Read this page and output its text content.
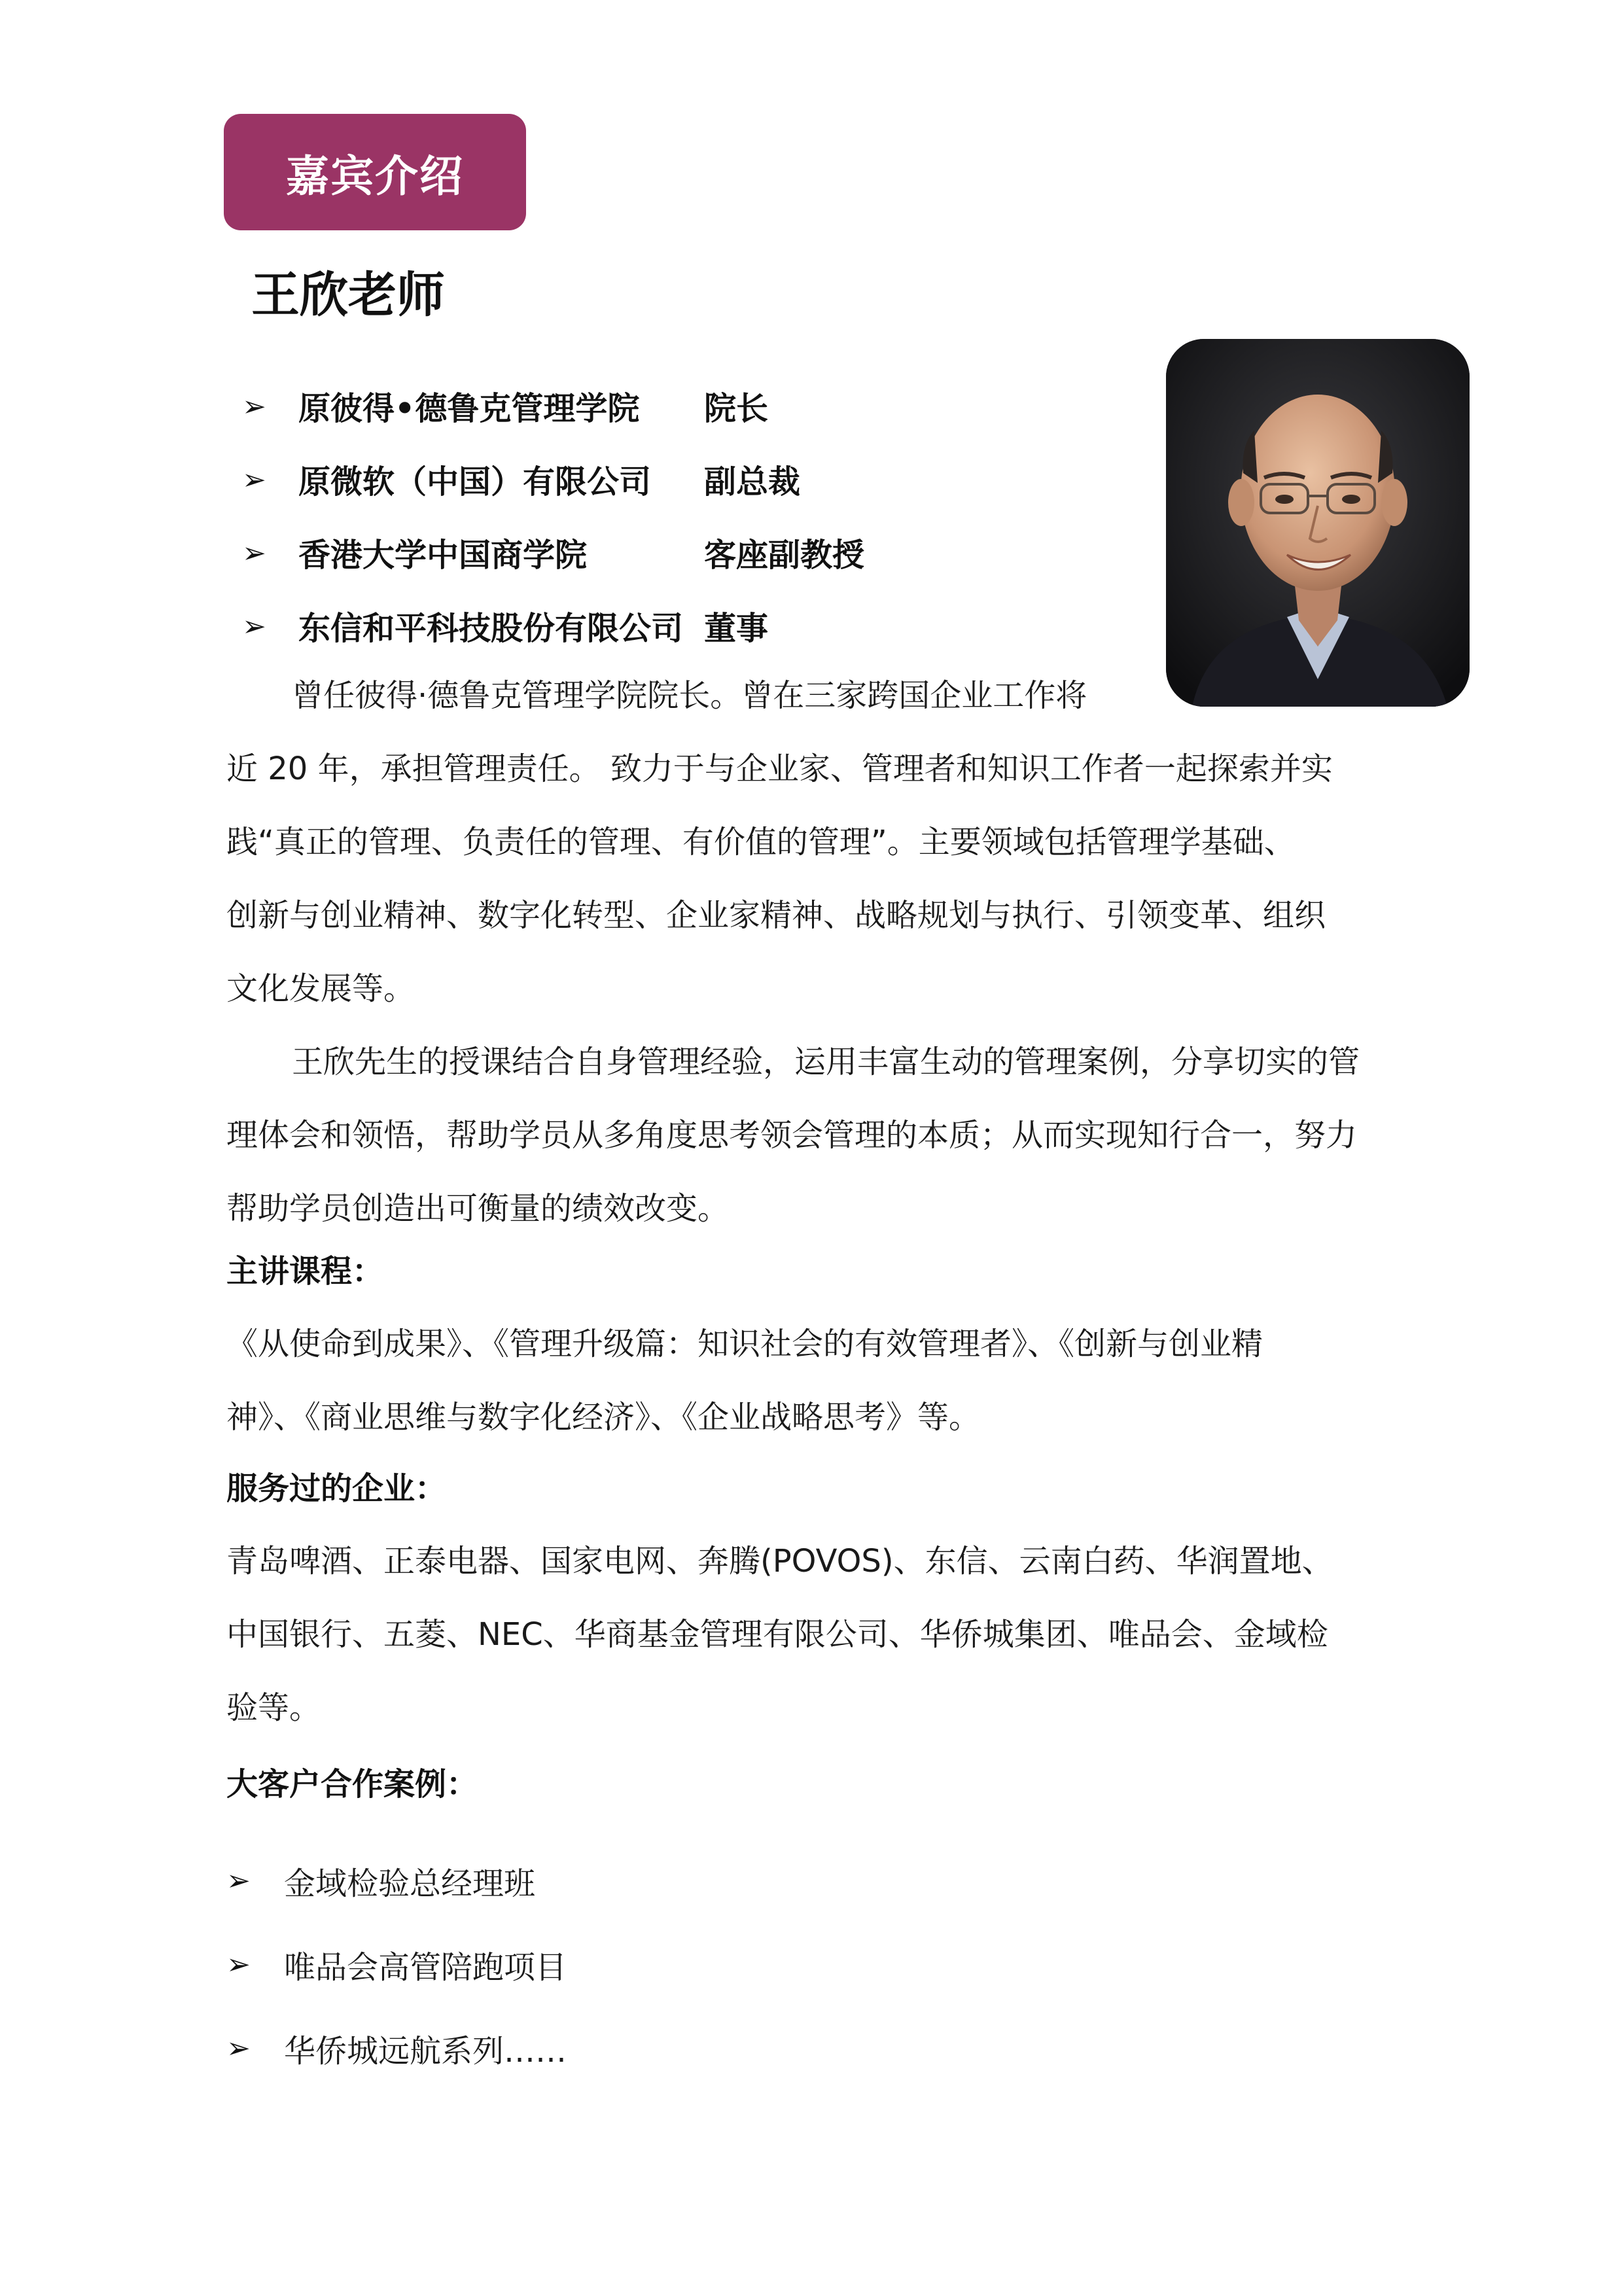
嘉宾介绍
王欣老师
➢	原彼得•德鲁克管理学院	院长
➢	原微软（中国）有限公司	副总裁
➢	香港大学中国商学院	客座副教授
➢	东信和平科技股份有限公司 董事

曾任彼得·德鲁克管理学院院长。曾在三家跨国企业工作将

近 20 年，承担管理责任。 致力于与企业家、管理者和知识工作者一起探索并实

践“真正的管理、负责任的管理、有价值的管理”。主要领域包括管理学基础、

创新与创业精神、数字化转型、企业家精神、战略规划与执行、引领变革、组织

文化发展等。

王欣先生的授课结合自身管理经验，运用丰富生动的管理案例，分享切实的管

理体会和领悟，帮助学员从多角度思考领会管理的本质；从而实现知行合一，努力

帮助学员创造出可衡量的绩效改变。

主讲课程：

《从使命到成果》、《管理升级篇：知识社会的有效管理者》、《创新与创业精

神》、《商业思维与数字化经济》、《企业战略思考》等。

服务过的企业：

青岛啤酒、正泰电器、国家电网、奔腾(POVOS)、东信、云南白药、华润置地、

中国银行、五菱、NEC、华商基金管理有限公司、华侨城集团、唯品会、金域检

验等。

大客户合作案例：

➢	金域检验总经理班
➢	唯品会高管陪跑项目
➢	华侨城远航系列……
